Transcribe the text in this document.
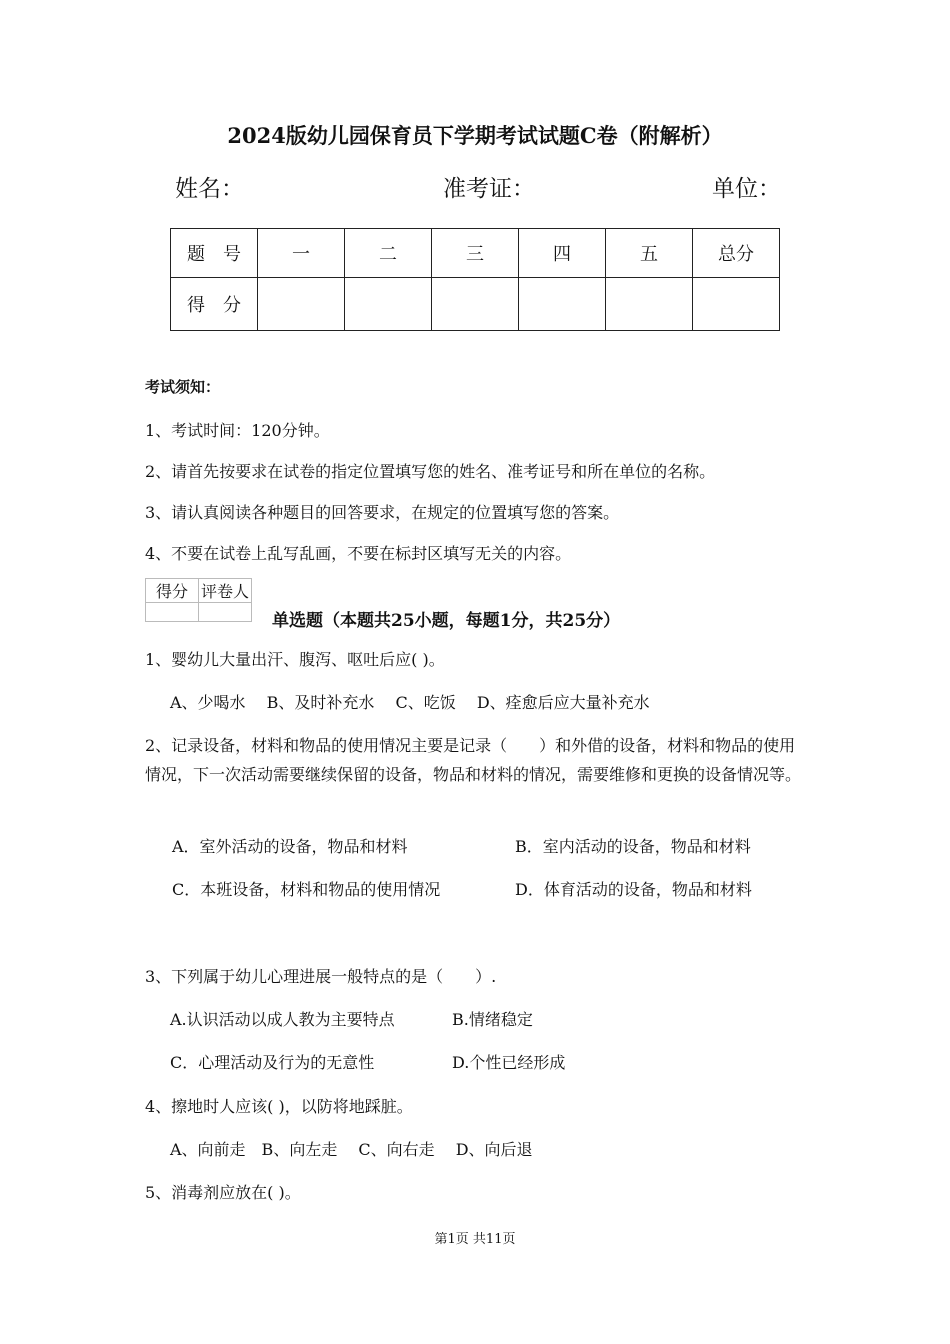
2024版幼儿园保育员下学期考试试题C卷（附解析）
姓名：	准考证：	单位：
题　号	一	二	三	四	五	总分
得　分						
考试须知：
1、考试时间：120分钟。
2、请首先按要求在试卷的指定位置填写您的姓名、准考证号和所在单位的名称。
3、请认真阅读各种题目的回答要求，在规定的位置填写您的答案。
4、不要在试卷上乱写乱画，不要在标封区填写无关的内容。
得分	评卷人

单选题（本题共25小题，每题1分，共25分）
1、婴幼儿大量出汗、腹泻、呕吐后应( )。
A、少喝水　 B、及时补充水　 C、吃饭　 D、痊愈后应大量补充水
2、记录设备，材料和物品的使用情况主要是记录（　　）和外借的设备，材料和物品的使用情况，下一次活动需要继续保留的设备，物品和材料的情况，需要维修和更换的设备情况等。
A．室外活动的设备，物品和材料	B．室内活动的设备，物品和材料
C．本班设备，材料和物品的使用情况	D．体育活动的设备，物品和材料
3、下列属于幼儿心理进展一般特点的是（　　）.
A.认识活动以成人教为主要特点	B.情绪稳定
C．心理活动及行为的无意性	D.个性已经形成
4、擦地时人应该( )，以防将地踩脏。
A、向前走　B、向左走　 C、向右走　 D、向后退
5、消毒剂应放在( )。
第1页 共11页
